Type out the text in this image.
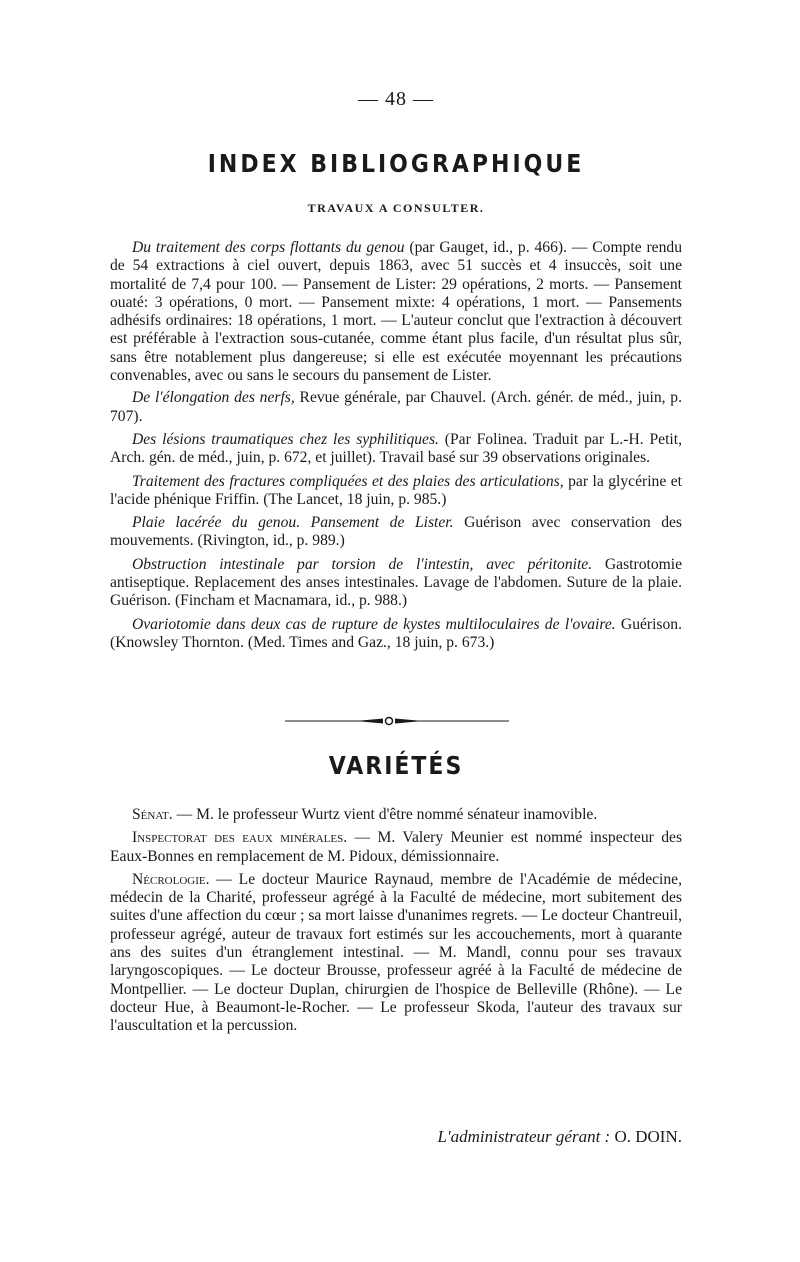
— 48 —
INDEX BIBLIOGRAPHIQUE
TRAVAUX A CONSULTER.

Du traitement des corps flottants du genou (par Gauget, id., p. 466). — Compte rendu de 54 extractions à ciel ouvert, depuis 1863, avec 51 succès et 4 insuccès, soit une mortalité de 7,4 pour 100. — Pansement de Lister: 29 opérations, 2 morts. — Pansement ouaté: 3 opérations, 0 mort. — Pansement mixte: 4 opérations, 1 mort. — Pansements adhésifs ordinaires: 18 opérations, 1 mort. — L'auteur conclut que l'extraction à découvert est préférable à l'extraction sous-cutanée, comme étant plus facile, d'un résultat plus sûr, sans être notablement plus dangereuse; si elle est exécutée moyennant les précautions convenables, avec ou sans le secours du pansement de Lister.

De l'élongation des nerfs, Revue générale, par Chauvel. (Arch. génér. de méd., juin, p. 707).

Des lésions traumatiques chez les syphilitiques. (Par Folinea. Traduit par L.-H. Petit, Arch. gén. de méd., juin, p. 672, et juillet). Travail basé sur 39 observations originales.

Traitement des fractures compliquées et des plaies des articulations, par la glycérine et l'acide phénique Friffin. (The Lancet, 18 juin, p. 985.)

Plaie lacérée du genou. Pansement de Lister. Guérison avec conservation des mouvements. (Rivington, id., p. 989.)

Obstruction intestinale par torsion de l'intestin, avec péritonite. Gastrotomie antiseptique. Replacement des anses intestinales. Lavage de l'abdomen. Suture de la plaie. Guérison. (Fincham et Macnamara, id., p. 988.)

Ovariotomie dans deux cas de rupture de kystes multiloculaires de l'ovaire. Guérison. (Knowsley Thornton. (Med. Times and Gaz., 18 juin, p. 673.)

VARIÉTÉS

Sénat. — M. le professeur Wurtz vient d'être nommé sénateur inamovible.

Inspectorat des eaux minérales. — M. Valery Meunier est nommé inspecteur des Eaux-Bonnes en remplacement de M. Pidoux, démissionnaire.

Nécrologie. — Le docteur Maurice Raynaud, membre de l'Académie de médecine, médecin de la Charité, professeur agrégé à la Faculté de médecine, mort subitement des suites d'une affection du cœur ; sa mort laisse d'unanimes regrets. — Le docteur Chantreuil, professeur agrégé, auteur de travaux fort estimés sur les accouchements, mort à quarante ans des suites d'un étranglement intestinal. — M. Mandl, connu pour ses travaux laryngoscopiques. — Le docteur Brousse, professeur agréé à la Faculté de médecine de Montpellier. — Le docteur Duplan, chirurgien de l'hospice de Belleville (Rhône). — Le docteur Hue, à Beaumont-le-Rocher. — Le professeur Skoda, l'auteur des travaux sur l'auscultation et la percussion.

L'administrateur gérant : O. DOIN.
